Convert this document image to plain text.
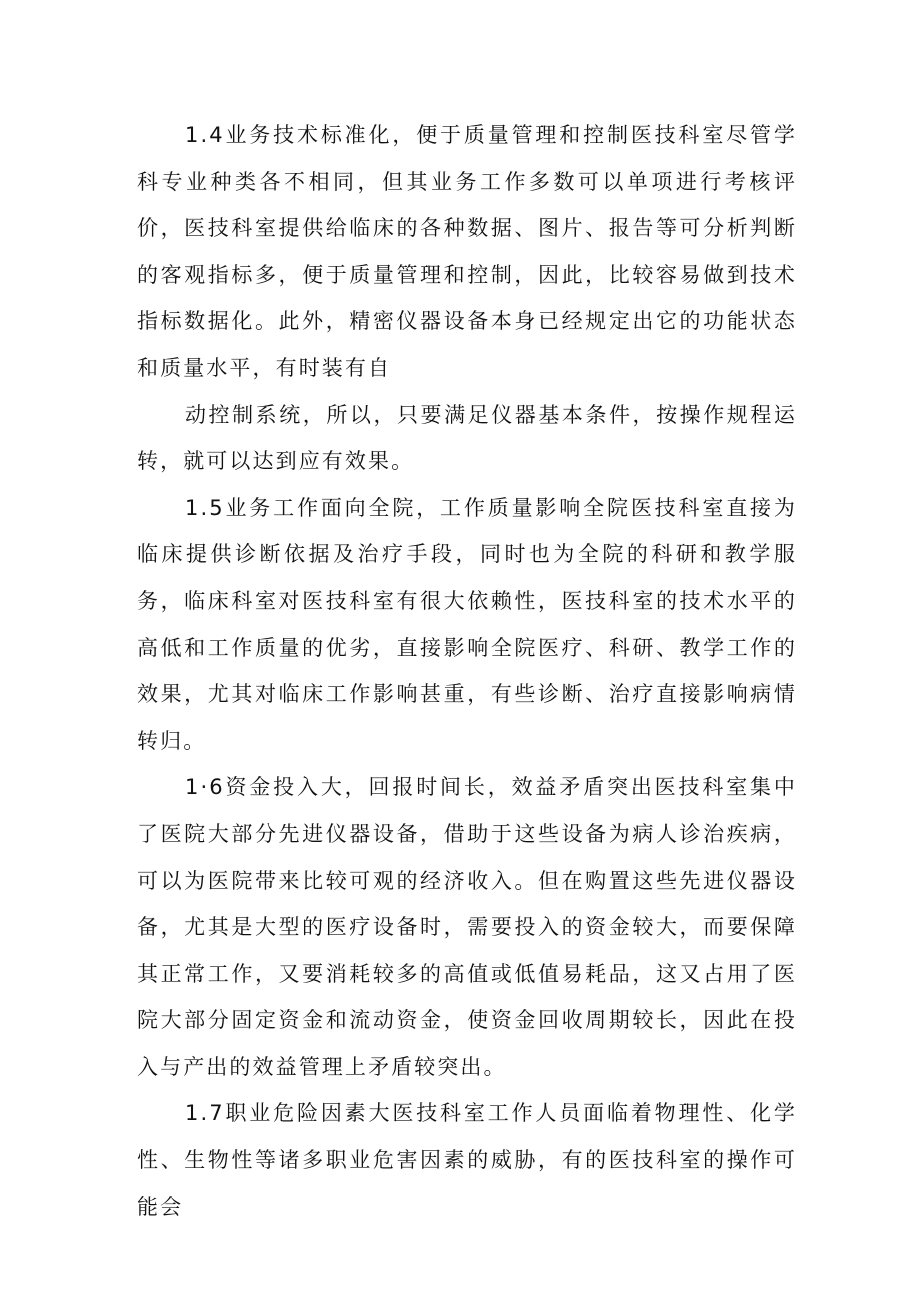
1.4业务技术标准化，便于质量管理和控制医技科室尽管学科专业种类各不相同，但其业务工作多数可以单项进行考核评价，医技科室提供给临床的各种数据、图片、报告等可分析判断的客观指标多，便于质量管理和控制，因此，比较容易做到技术指标数据化。此外，精密仪器设备本身已经规定出它的功能状态和质量水平，有时装有自

动控制系统，所以，只要满足仪器基本条件，按操作规程运转，就可以达到应有效果。

1.5业务工作面向全院，工作质量影响全院医技科室直接为临床提供诊断依据及治疗手段，同时也为全院的科研和教学服务，临床科室对医技科室有很大依赖性，医技科室的技术水平的高低和工作质量的优劣，直接影响全院医疗、科研、教学工作的效果，尤其对临床工作影响甚重，有些诊断、治疗直接影响病情转归。

1·6资金投入大，回报时间长，效益矛盾突出医技科室集中了医院大部分先进仪器设备，借助于这些设备为病人诊治疾病，可以为医院带来比较可观的经济收入。但在购置这些先进仪器设备，尤其是大型的医疗设备时，需要投入的资金较大，而要保障其正常工作，又要消耗较多的高值或低值易耗品，这又占用了医院大部分固定资金和流动资金，使资金回收周期较长，因此在投入与产出的效益管理上矛盾较突出。

1.7职业危险因素大医技科室工作人员面临着物理性、化学性、生物性等诸多职业危害因素的威胁，有的医技科室的操作可能会
